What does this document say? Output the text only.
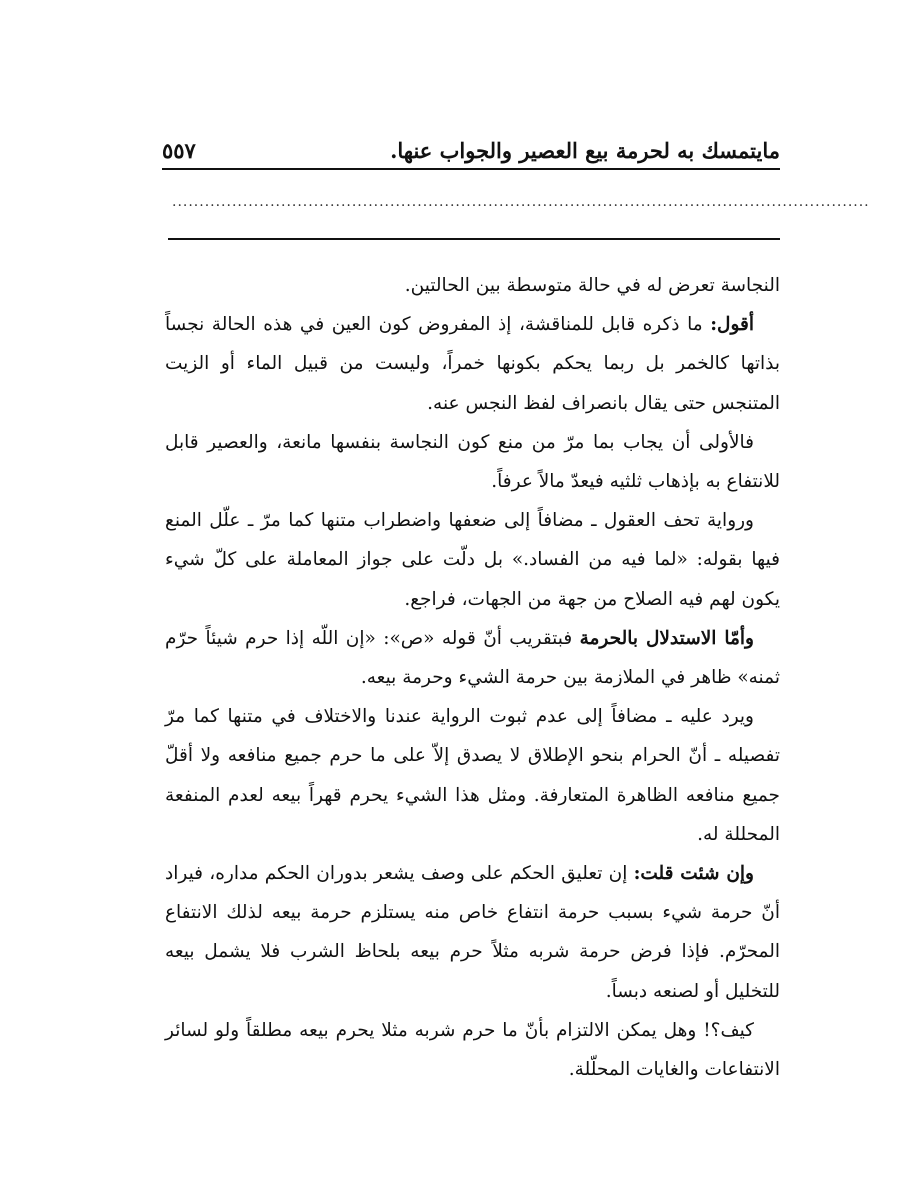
مايتمسك به لحرمة بيع العصير والجواب عنها.
٥٥٧
................................................................................................................................

النجاسة تعرض له في حالة متوسطة بين الحالتين.

أقول: ما ذكره قابل للمناقشة، إذ المفروض كون العين في هذه الحالة نجساً بذاتها كالخمر بل ربما يحكم بكونها خمراً، وليست من قبيل الماء أو الزيت المتنجس حتى يقال بانصراف لفظ النجس عنه.

فالأولى أن يجاب بما مرّ من منع كون النجاسة بنفسها مانعة، والعصير قابل للانتفاع به بإذهاب ثلثيه فيعدّ مالاً عرفاً.

ورواية تحف العقول ـ مضافاً إلى ضعفها واضطراب متنها كما مرّ ـ علّل المنع فيها بقوله: «لما فيه من الفساد.» بل دلّت على جواز المعاملة على كلّ شيء يكون لهم فيه الصلاح من جهة من الجهات، فراجع.

وأمّا الاستدلال بالحرمة فبتقريب أنّ قوله «ص»: «إن اللّه إذا حرم شيئاً حرّم ثمنه» ظاهر في الملازمة بين حرمة الشيء وحرمة بيعه.

ويرد عليه ـ مضافاً إلى عدم ثبوت الرواية عندنا والاختلاف في متنها كما مرّ تفصيله ـ أنّ الحرام بنحو الإطلاق لا يصدق إلاّ على ما حرم جميع منافعه ولا أقلّ جميع منافعه الظاهرة المتعارفة. ومثل هذا الشيء يحرم قهراً بيعه لعدم المنفعة المحللة له.

وإن شئت قلت: إن تعليق الحكم على وصف يشعر بدوران الحكم مداره، فيراد أنّ حرمة شيء بسبب حرمة انتفاع خاص منه يستلزم حرمة بيعه لذلك الانتفاع المحرّم. فإذا فرض حرمة شربه مثلاً حرم بيعه بلحاظ الشرب فلا يشمل بيعه للتخليل أو لصنعه دبساً.

كيف؟! وهل يمكن الالتزام بأنّ ما حرم شربه مثلا يحرم بيعه مطلقاً ولو لسائر الانتفاعات والغايات المحلّلة.
